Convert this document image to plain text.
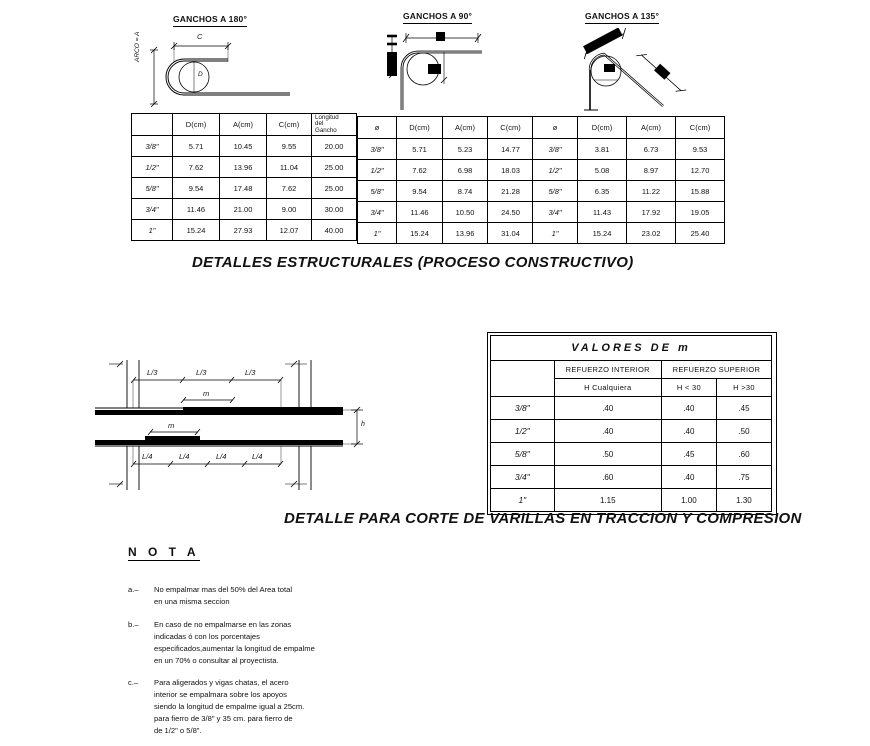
GANCHOS A 180°
ARCO = A	C
D
	D(cm)	A(cm)	C(cm)	Longitud
del
Gancho

3/8"	5.71	10.45	9.55	20.00
1/2"	7.62	13.96	11.04	25.00
5/8"	9.54	17.48	7.62	25.00
3/4"	11.46	21.00	9.00	30.00
1"	15.24	27.93	12.07	40.00
GANCHOS A 90°
ø	D(cm)	A(cm)	C(cm)
3/8"	5.71	5.23	14.77
1/2"	7.62	6.98	18.03
5/8"	9.54	8.74	21.28
3/4"	11.46	10.50	24.50
1"	15.24	13.96	31.04
GANCHOS A 135°
ø	D(cm)	A(cm)	C(cm)
3/8"	3.81	6.73	9.53
1/2"	5.08	8.97	12.70
5/8"	6.35	11.22	15.88
3/4"	11.43	17.92	19.05
1"	15.24	23.02	25.40
DETALLES ESTRUCTURALES (PROCESO CONSTRUCTIVO)
L/3	L/3	L/3
L/4	L/4	L/4	L/4
m
m	h
VALORES DE m			
	REFUERZO INTERIOR	REFUERZO SUPERIOR	
	H Cualquiera	H < 30	H >30
3/8"	.40	.40	.45
1/2"	.40	.40	.50
5/8"	.50	.45	.60
3/4"	.60	.40	.75
1"	1.15	1.00	1.30
DETALLE PARA CORTE DE VARILLAS EN TRACCION Y COMPRESION
N O T A
a.–	No empalmar mas del 50% del Area total
en una misma seccion
b.–	En caso de no empalmarse en las zonas
indicadas ó con los porcentajes
especificados,aumentar la longitud de empalme
en un 70% o consultar al proyectista.
c.–	Para aligerados y vigas chatas, el acero
interior se empalmara sobre los apoyos
siendo la longitud de empalme igual a 25cm.
para fierro de 3/8" y 35 cm. para fierro de
de 1/2" o 5/8".
